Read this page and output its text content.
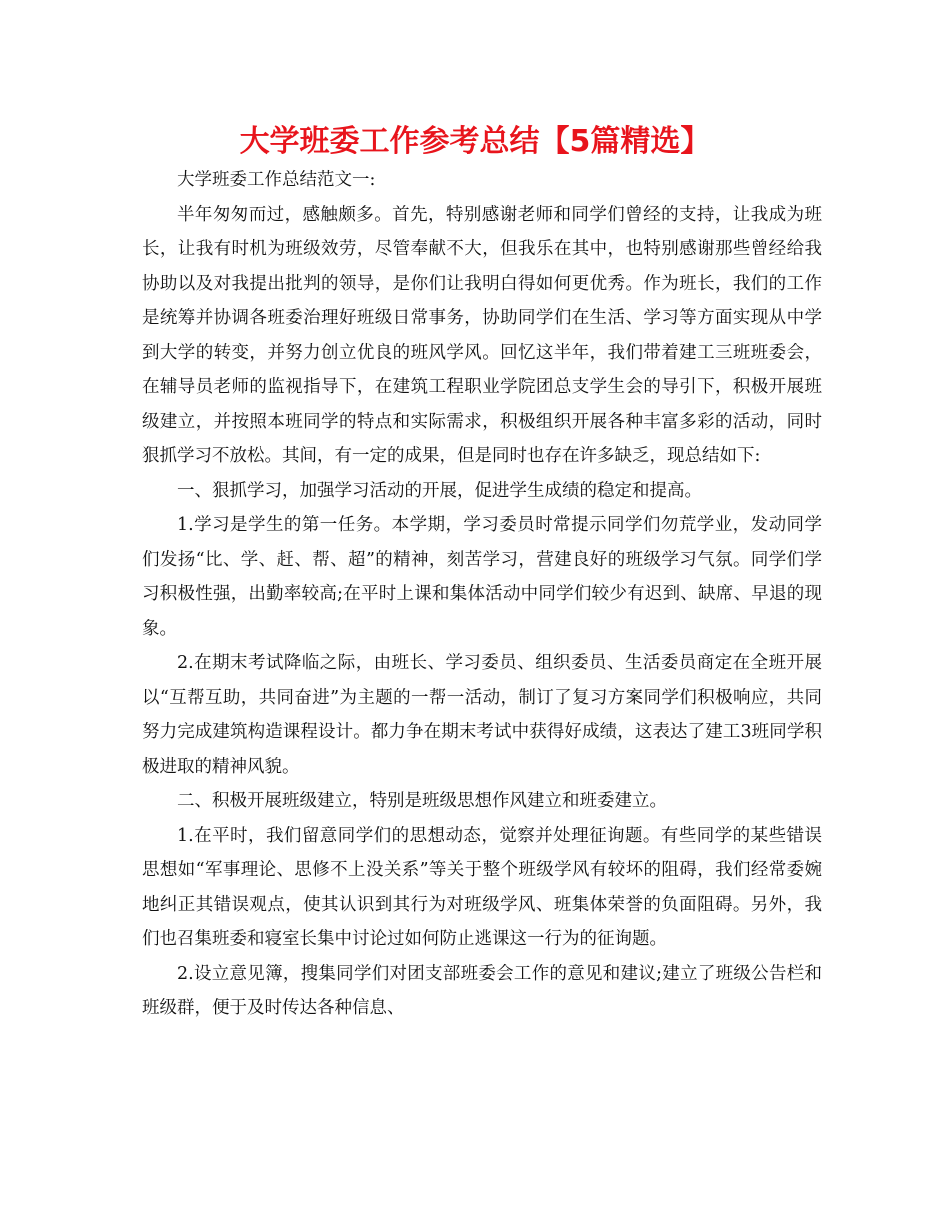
大学班委工作参考总结【5篇精选】

大学班委工作总结范文一:

半年匆匆而过，感触颇多。首先，特别感谢老师和同学们曾经的支持，让我成为班长，让我有时机为班级效劳，尽管奉献不大，但我乐在其中，也特别感谢那些曾经给我协助以及对我提出批判的领导，是你们让我明白得如何更优秀。作为班长，我们的工作是统筹并协调各班委治理好班级日常事务，协助同学们在生活、学习等方面实现从中学到大学的转变，并努力创立优良的班风学风。回忆这半年，我们带着建工三班班委会，在辅导员老师的监视指导下，在建筑工程职业学院团总支学生会的导引下，积极开展班级建立，并按照本班同学的特点和实际需求，积极组织开展各种丰富多彩的活动，同时狠抓学习不放松。其间，有一定的成果，但是同时也存在许多缺乏，现总结如下:

一、狠抓学习，加强学习活动的开展，促进学生成绩的稳定和提高。

1.学习是学生的第一任务。本学期，学习委员时常提示同学们勿荒学业，发动同学们发扬“比、学、赶、帮、超”的精神，刻苦学习，营建良好的班级学习气氛。同学们学习积极性强，出勤率较高;在平时上课和集体活动中同学们较少有迟到、缺席、早退的现象。

2.在期末考试降临之际，由班长、学习委员、组织委员、生活委员商定在全班开展以“互帮互助，共同奋进”为主题的一帮一活动，制订了复习方案同学们积极响应，共同努力完成建筑构造课程设计。都力争在期末考试中获得好成绩，这表达了建工3班同学积极进取的精神风貌。

二、积极开展班级建立，特别是班级思想作风建立和班委建立。

1.在平时，我们留意同学们的思想动态，觉察并处理征询题。有些同学的某些错误思想如“军事理论、思修不上没关系”等关于整个班级学风有较坏的阻碍，我们经常委婉地纠正其错误观点，使其认识到其行为对班级学风、班集体荣誉的负面阻碍。另外，我们也召集班委和寝室长集中讨论过如何防止逃课这一行为的征询题。

2.设立意见簿，搜集同学们对团支部班委会工作的意见和建议;建立了班级公告栏和班级群，便于及时传达各种信息、
